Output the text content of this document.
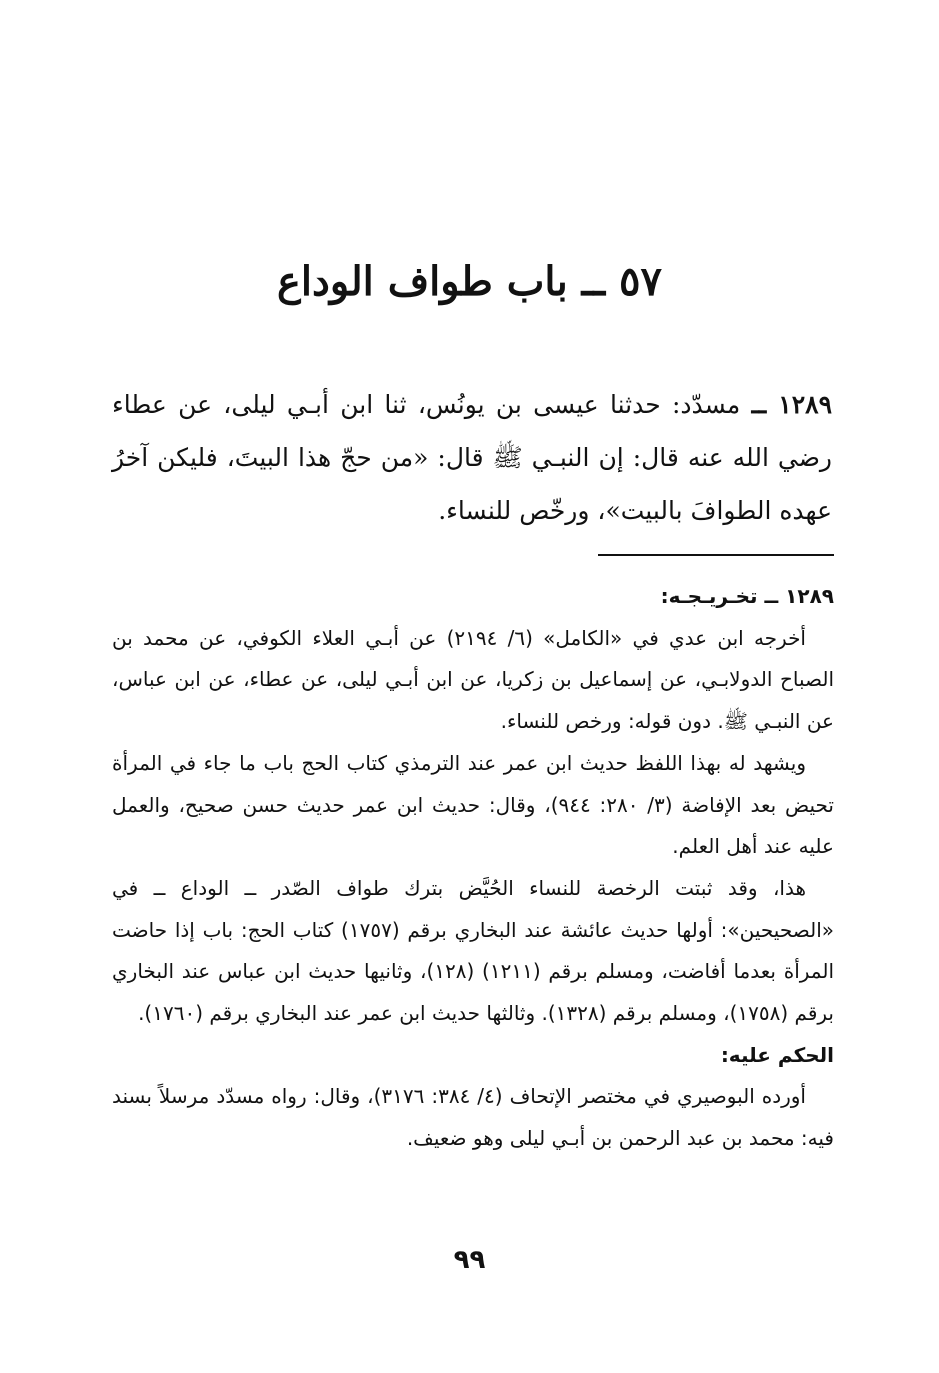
٥٧ ــ باب طواف الوداع

١٢٨٩ ــ مسدّد: حدثنا عيسى بن يونُس، ثنا ابن أبـي ليلى، عن عطاء رضي الله عنه قال: إن النبـي ﷺ قال: «من حجّ هذا البيتَ، فليكن آخرُ عهده الطوافَ بالبيت»، ورخّص للنساء.

١٢٨٩ ــ تخـريـجـه:

أخرجه ابن عدي في «الكامل» (٦/ ٢١٩٤) عن أبـي العلاء الكوفي، عن محمد بن الصباح الدولابـي، عن إسماعيل بن زكريا، عن ابن أبـي ليلى، عن عطاء، عن ابن عباس، عن النبـي ﷺ. دون قوله: ورخص للنساء.

ويشهد له بهذا اللفظ حديث ابن عمر عند الترمذي كتاب الحج باب ما جاء في المرأة تحيض بعد الإفاضة (٣/ ٢٨٠: ٩٤٤)، وقال: حديث ابن عمر حديث حسن صحيح، والعمل عليه عند أهل العلم.

هذا، وقد ثبتت الرخصة للنساء الحُيَّض بترك طواف الصّدر ــ الوداع ــ في «الصحيحين»: أولها حديث عائشة عند البخاري برقم (١٧٥٧) كتاب الحج: باب إذا حاضت المرأة بعدما أفاضت، ومسلم برقم (١٢١١) (١٢٨)، وثانيها حديث ابن عباس عند البخاري برقم (١٧٥٨)، ومسلم برقم (١٣٢٨). وثالثها حديث ابن عمر عند البخاري برقم (١٧٦٠).

الحكم عليه:

أورده البوصيري في مختصر الإتحاف (٤/ ٣٨٤: ٣١٧٦)، وقال: رواه مسدّد مرسلاً بسند فيه: محمد بن عبد الرحمن بن أبـي ليلى وهو ضعيف.

٩٩
